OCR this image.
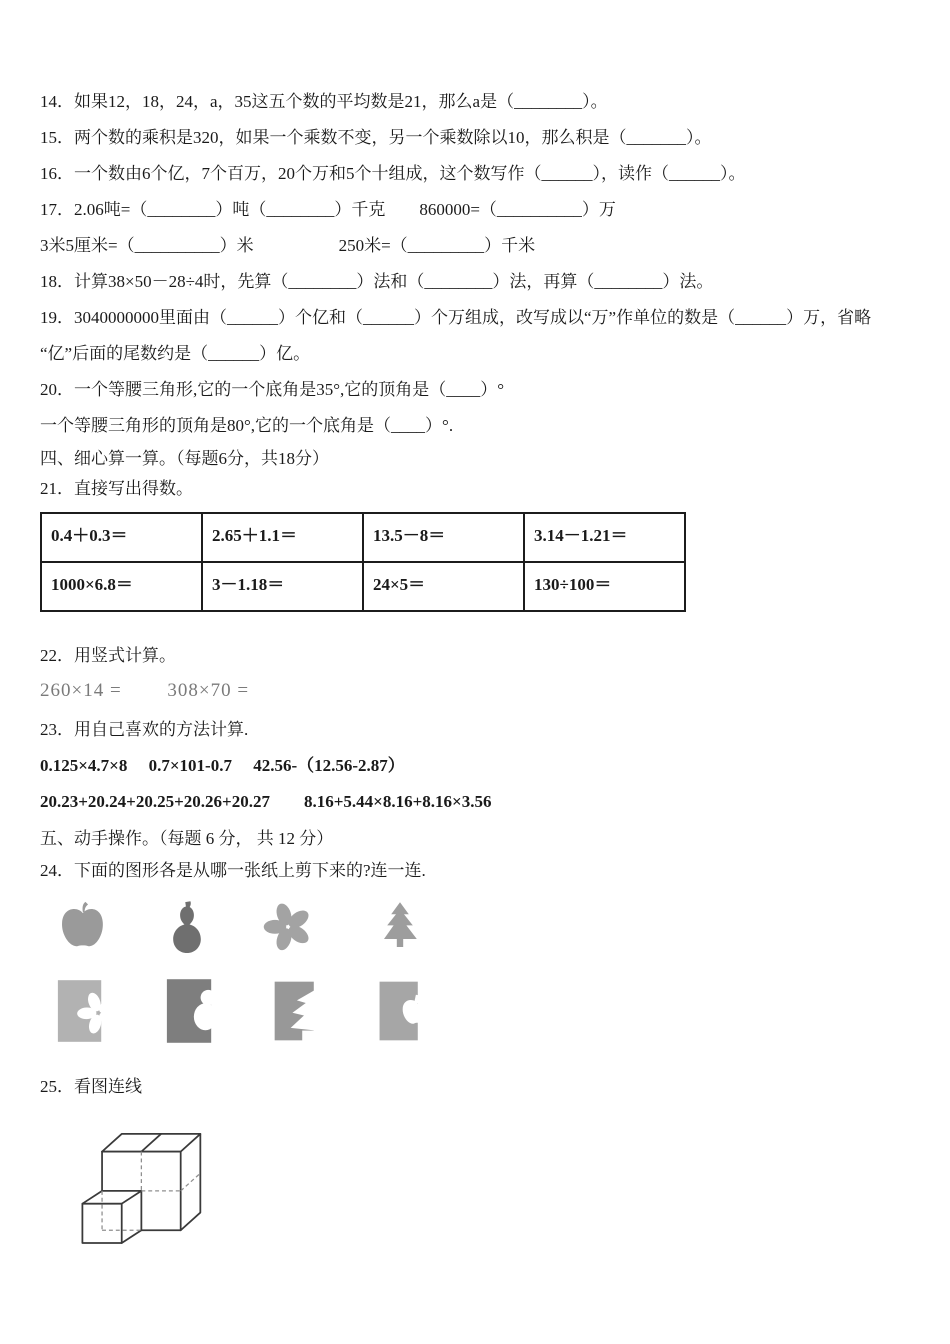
14．如果12，18，24，a，35这五个数的平均数是21，那么a是（________）。

15．两个数的乘积是320，如果一个乘数不变，另一个乘数除以10，那么积是（_______）。

16．一个数由6个亿，7个百万，20个万和5个十组成，这个数写作（______），读作（______）。

17．2.06吨=（________）吨（________）千克　　860000=（__________）万

3米5厘米=（__________）米　　　　　250米=（_________）千米

18．计算38×50－28÷4时，先算（________）法和（________）法，再算（________）法。

19．3040000000里面由（______）个亿和（______）个万组成，改写成以“万”作单位的数是（______）万，省略

“亿”后面的尾数约是（______）亿。

20．一个等腰三角形,它的一个底角是35°,它的顶角是（____）°

一个等腰三角形的顶角是80°,它的一个底角是（____）°.

四、细心算一算。（每题6分，共18分）

21．直接写出得数。

0.4＋0.3＝	2.65＋1.1＝	13.5－8＝	3.14－1.21＝
1000×6.8＝	3－1.18＝	24×5＝	130÷100＝

22．用竖式计算。

260×14 =　　 308×70 =

23．用自己喜欢的方法计算.

0.125×4.7×8　 0.7×101-0.7　 42.56-（12.56-2.87）

20.23+20.24+20.25+20.26+20.27　　8.16+5.44×8.16+8.16×3.56

五、动手操作。（每题 6 分， 共 12 分）

24．下面的图形各是从哪一张纸上剪下来的?连一连.

25．看图连线
